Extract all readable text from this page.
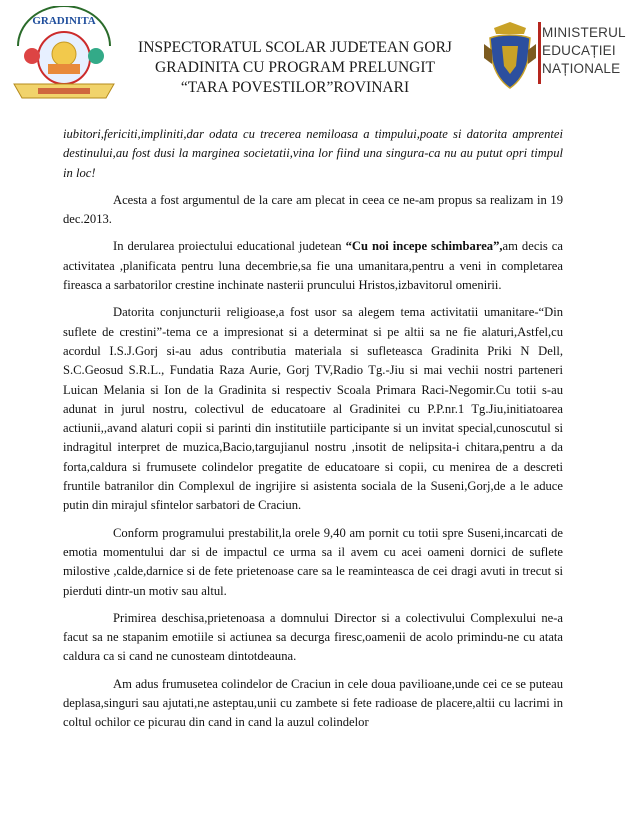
GRADINITA
INSPECTORATUL SCOLAR JUDETEAN GORJ
GRADINITA CU PROGRAM PRELUNGIT
“TARA POVESTILOR”ROVINARI
MINISTERUL
EDUCAȚIEI
NAȚIONALE

iubitori,fericiti,impliniti,dar odata cu trecerea nemiloasa a timpului,poate si datorita amprentei destinului,au fost dusi la marginea societatii,vina lor fiind una singura-ca nu au putut opri timpul in loc!

Acesta a fost argumentul de la care am plecat in ceea ce ne-am propus sa realizam in 19 dec.2013.

In derularea proiectului educational judetean “Cu noi incepe schimbarea”,am decis ca activitatea ,planificata pentru luna decembrie,sa fie una umanitara,pentru a veni in completarea fireasca a sarbatorilor crestine inchinate nasterii pruncului Hristos,izbavitorul omenirii.

Datorita conjuncturii religioase,a fost usor sa alegem tema activitatii umanitare-“Din suflete de crestini”-tema ce a impresionat si a determinat si pe altii sa ne fie alaturi,Astfel,cu acordul I.S.J.Gorj si-au adus contributia materiala si sufleteasca Gradinita Priki N Dell, S.C.Geosud S.R.L., Fundatia Raza Aurie, Gorj TV,Radio Tg.-Jiu si mai vechii nostri parteneri Luican Melania si Ion de la Gradinita si respectiv Scoala Primara Raci-Negomir.Cu totii s-au adunat in jurul nostru, colectivul de educatoare al Gradinitei cu P.P.nr.1 Tg.Jiu,initiatoarea actiunii,,avand alaturi copii si parinti din institutiile participante si un invitat special,cunoscutul si indragitul interpret de muzica,Bacio,targujianul nostru ,insotit de nelipsita-i chitara,pentru a da forta,caldura si frumusete colindelor pregatite de educatoare si copii, cu menirea de a descreti fruntile batranilor din Complexul de ingrijire si asistenta sociala de la Suseni,Gorj,de a le aduce putin din mirajul sfintelor sarbatori de Craciun.

Conform programului prestabilit,la orele 9,40 am pornit cu totii spre Suseni,incarcati de emotia momentului dar si de impactul ce urma sa il avem cu acei oameni dornici de suflete milostive ,calde,darnice si de fete prietenoase care sa le reaminteasca de cei dragi avuti in trecut si pierduti dintr-un motiv sau altul.

Primirea deschisa,prietenoasa a domnului Director si a colectivului Complexului ne-a facut sa ne stapanim emotiile si actiunea sa decurga firesc,oamenii de acolo primindu-ne cu atata caldura ca si cand ne cunosteam dintotdeauna.

Am adus frumusetea colindelor de Craciun in cele doua pavilioane,unde cei ce se puteau deplasa,singuri sau ajutati,ne asteptau,unii cu zambete si fete radioase de placere,altii cu lacrimi in coltul ochilor ce picurau din cand in cand la auzul colindelor
